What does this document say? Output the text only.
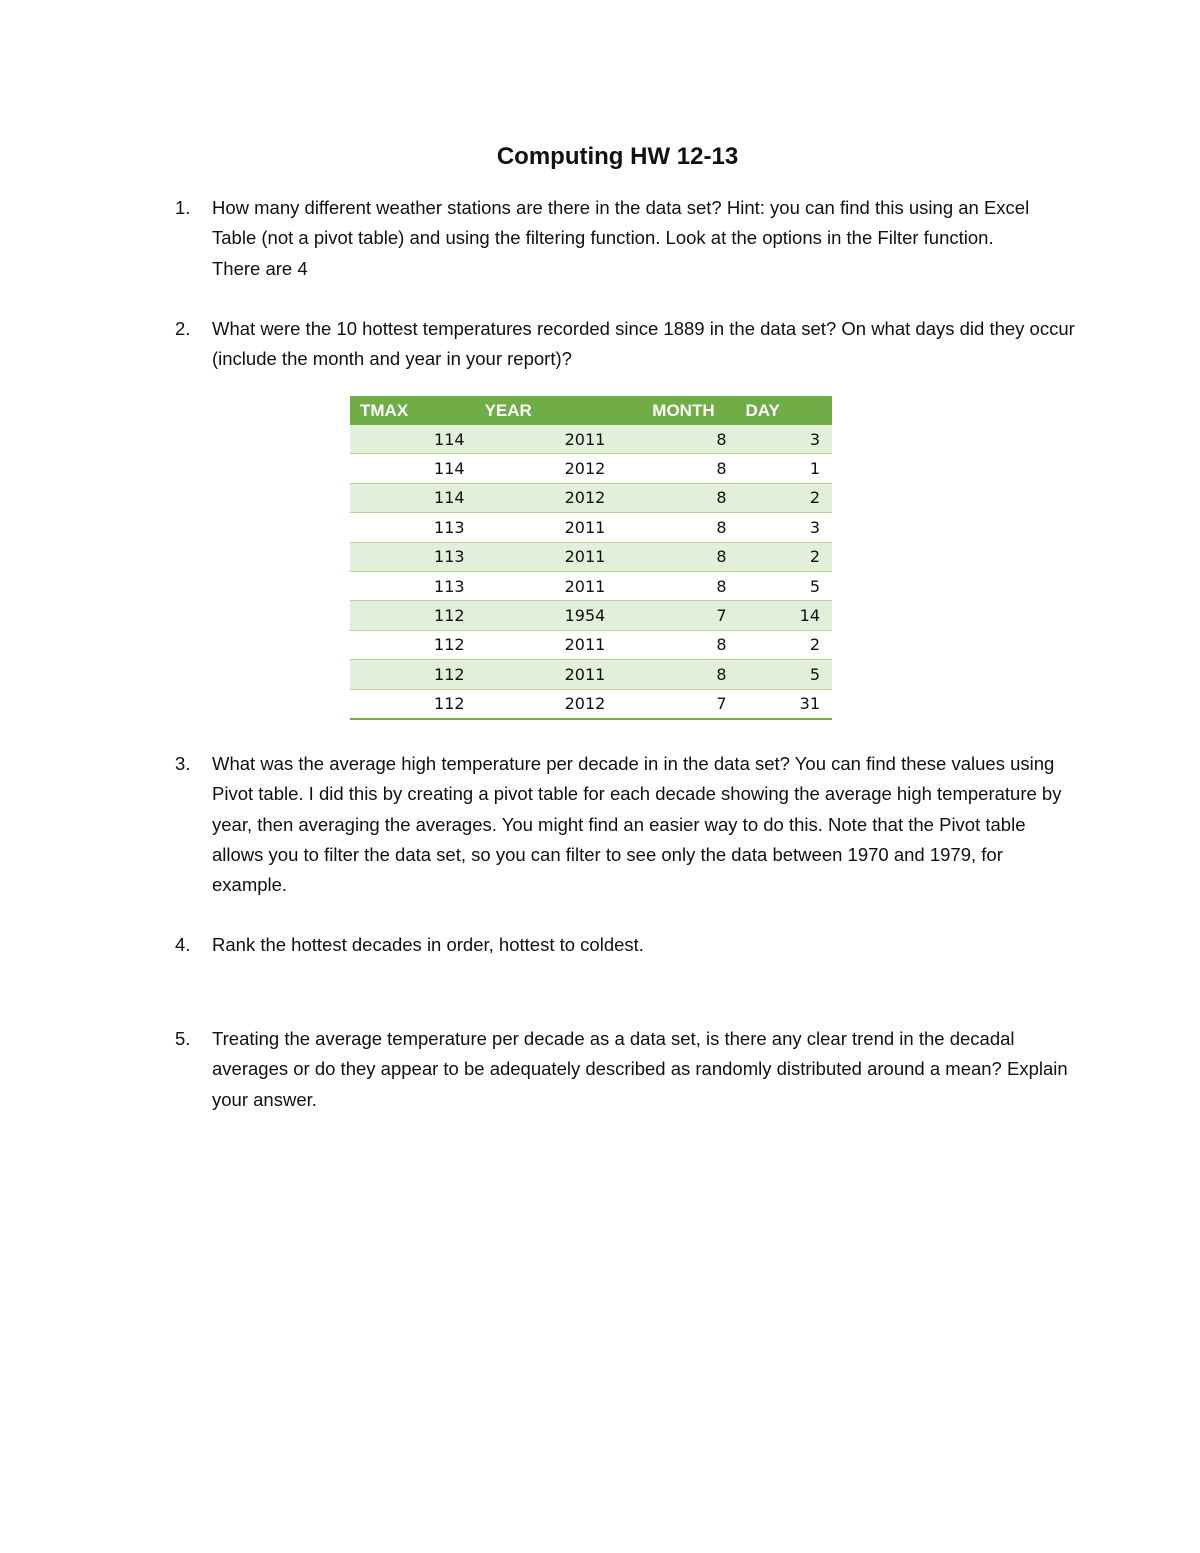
Computing HW 12-13
1.	How many different weather stations are there in the data set? Hint: you can find this using an Excel Table (not a pivot table) and using the filtering function. Look at the options in the Filter function.
There are 4
2.	What were the 10 hottest temperatures recorded since 1889 in the data set? On what days did they occur (include the month and year in your report)?
TMAX	YEAR	MONTH	DAY
114	2011	8	3
114	2012	8	1
114	2012	8	2
113	2011	8	3
113	2011	8	2
113	2011	8	5
112	1954	7	14
112	2011	8	2
112	2011	8	5
112	2012	7	31
3.	What was the average high temperature per decade in in the data set? You can find these values using Pivot table. I did this by creating a pivot table for each decade showing the average high temperature by year, then averaging the averages. You might find an easier way to do this. Note that the Pivot table allows you to filter the data set, so you can filter to see only the data between 1970 and 1979, for example.
4.	Rank the hottest decades in order, hottest to coldest.
5.	Treating the average temperature per decade as a data set, is there any clear trend in the decadal averages or do they appear to be adequately described as randomly distributed around a mean? Explain your answer.
